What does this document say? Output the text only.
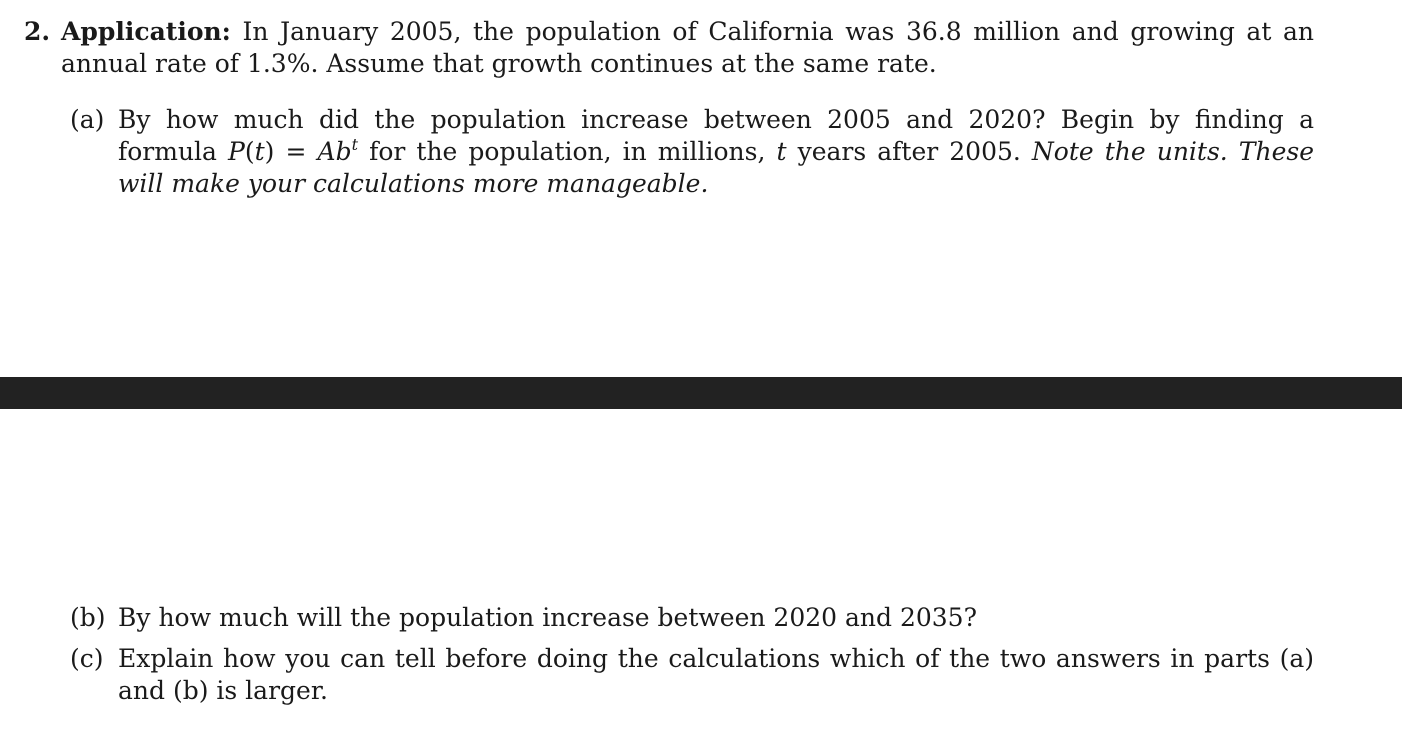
2. Application: In January 2005, the population of California was 36.8 million and growing at an annual rate of 1.3%. Assume that growth continues at the same rate.
(a) By how much did the population increase between 2005 and 2020? Begin by finding a formula $P(t) = Ab^t$ for the population, in millions, t years after 2005. Note the units. These will make your calculations more manageable.
(b) By how much will the population increase between 2020 and 2035?
(c) Explain how you can tell before doing the calculations which of the two answers in parts (a) and (b) is larger.
